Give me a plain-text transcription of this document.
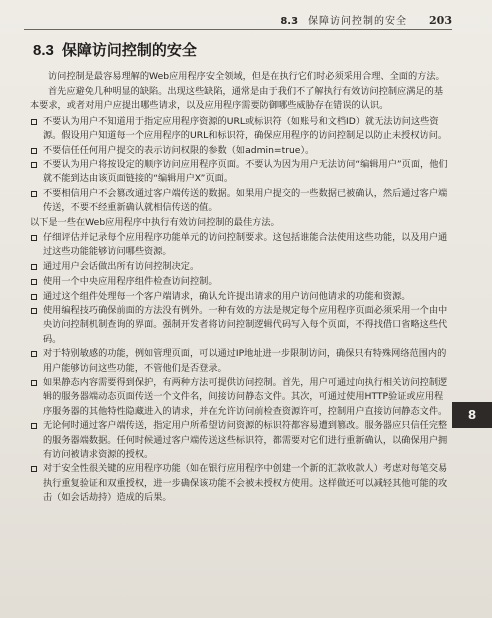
8.3 保障访问控制的安全 203
8.3 保障访问控制的安全

访问控制是最容易理解的Web应用程序安全领域，但是在执行它们时必须采用合理、全面的方法。

首先应避免几种明显的缺陷。出现这些缺陷，通常是由于我们不了解执行有效访问控制应满足的基本要求，或者对用户应提出哪些请求，以及应用程序需要防御哪些威胁存在错误的认识。

不要认为用户不知道用于指定应用程序资源的URL或标识符（如账号和文档ID）就无法访问这些资源。假设用户知道每一个应用程序的URL和标识符，确保应用程序的访问控制足以防止未授权访问。
不要信任任何用户提交的表示访问权限的参数（如admin=true）。
不要认为用户将按设定的顺序访问应用程序页面。不要认为因为用户无法访问“编辑用户”页面，他们就不能到达由该页面链接的“编辑用户X”页面。
不要相信用户不会篡改通过客户端传送的数据。如果用户提交的一些数据已被确认，然后通过客户端传送，不要不经重新确认就相信传送的值。

以下是一些在Web应用程序中执行有效访问控制的最佳方法。

仔细评估并记录每个应用程序功能单元的访问控制要求。这包括谁能合法使用这些功能，以及用户通过这些功能能够访问哪些资源。
通过用户会话做出所有访问控制决定。
使用一个中央应用程序组件检查访问控制。
通过这个组件处理每一个客户端请求，确认允许提出请求的用户访问他请求的功能和资源。
使用编程技巧确保前面的方法没有例外。一种有效的方法是规定每个应用程序页面必须采用一个由中央访问控制机制查询的界面。强制开发者将访问控制逻辑代码写入每个页面，不得找借口省略这些代码。
对于特别敏感的功能，例如管理页面，可以通过IP地址进一步限制访问，确保只有特殊网络范围内的用户能够访问这些功能，不管他们是否登录。
如果静态内容需要得到保护，有两种方法可提供访问控制。首先，用户可通过向执行相关访问控制逻辑的服务器端动态页面传送一个文件名，间接访问静态文件。其次，可通过使用HTTP验证或应用程序服务器的其他特性隐藏进入的请求，并在允许访问前检查资源许可，控制用户直接访问静态文件。
无论何时通过客户端传送，指定用户所希望访问资源的标识符都容易遭到篡改。服务器应只信任完整的服务器端数据。任何时候通过客户端传送这些标识符，都需要对它们进行重新确认，以确保用户拥有访问被请求资源的授权。
对于安全性很关键的应用程序功能（如在银行应用程序中创建一个新的汇款收款人）考虑对每笔交易执行重复验证和双重授权，进一步确保该功能不会被未授权方使用。这样做还可以减轻其他可能的攻击（如会话劫持）造成的后果。
8
